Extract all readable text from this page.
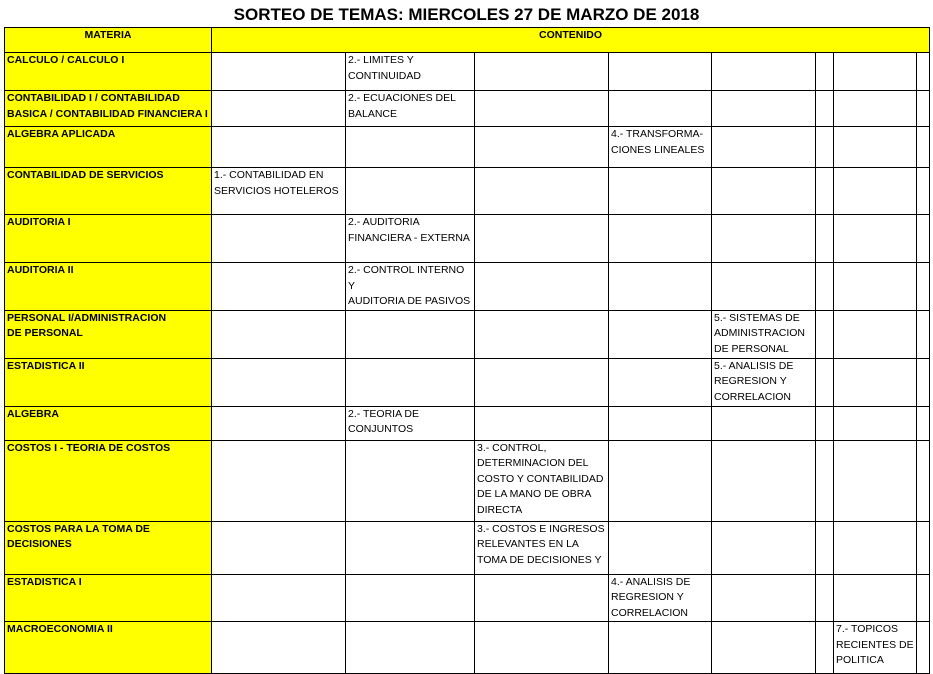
SORTEO DE TEMAS: MIERCOLES 27 DE MARZO DE 2018
MATERIA	CONTENIDO							

CALCULO / CALCULO I		2.- LIMITES Y
CONTINUIDAD						

CONTABILIDAD I / CONTABILIDAD
BASICA / CONTABILIDAD FINANCIERA I		2.- ECUACIONES DEL
BALANCE						

ALGEBRA APLICADA				4.- TRANSFORMA-
CIONES LINEALES				

CONTABILIDAD DE SERVICIOS	1.- CONTABILIDAD EN
SERVICIOS HOTELEROS							

AUDITORIA I		2.- AUDITORIA
FINANCIERA - EXTERNA						

AUDITORIA II		2.- CONTROL INTERNO Y
AUDITORIA DE PASIVOS						

PERSONAL I/ADMINISTRACION
DE PERSONAL					5.- SISTEMAS DE
ADMINISTRACION
DE PERSONAL			

ESTADISTICA II					5.- ANALISIS DE
REGRESION Y
CORRELACION			

ALGEBRA		2.- TEORIA DE
CONJUNTOS						

COSTOS I - TEORIA DE COSTOS			3.- CONTROL,
DETERMINACION DEL
COSTO Y CONTABILIDAD
DE LA MANO DE OBRA
DIRECTA					

COSTOS PARA LA TOMA DE
DECISIONES			3.- COSTOS E INGRESOS
RELEVANTES EN LA
TOMA DE DECISIONES Y					

ESTADISTICA I				4.- ANALISIS DE
REGRESION Y
CORRELACION				

MACROECONOMIA II							7.- TOPICOS
RECIENTES DE
POLITICA	
